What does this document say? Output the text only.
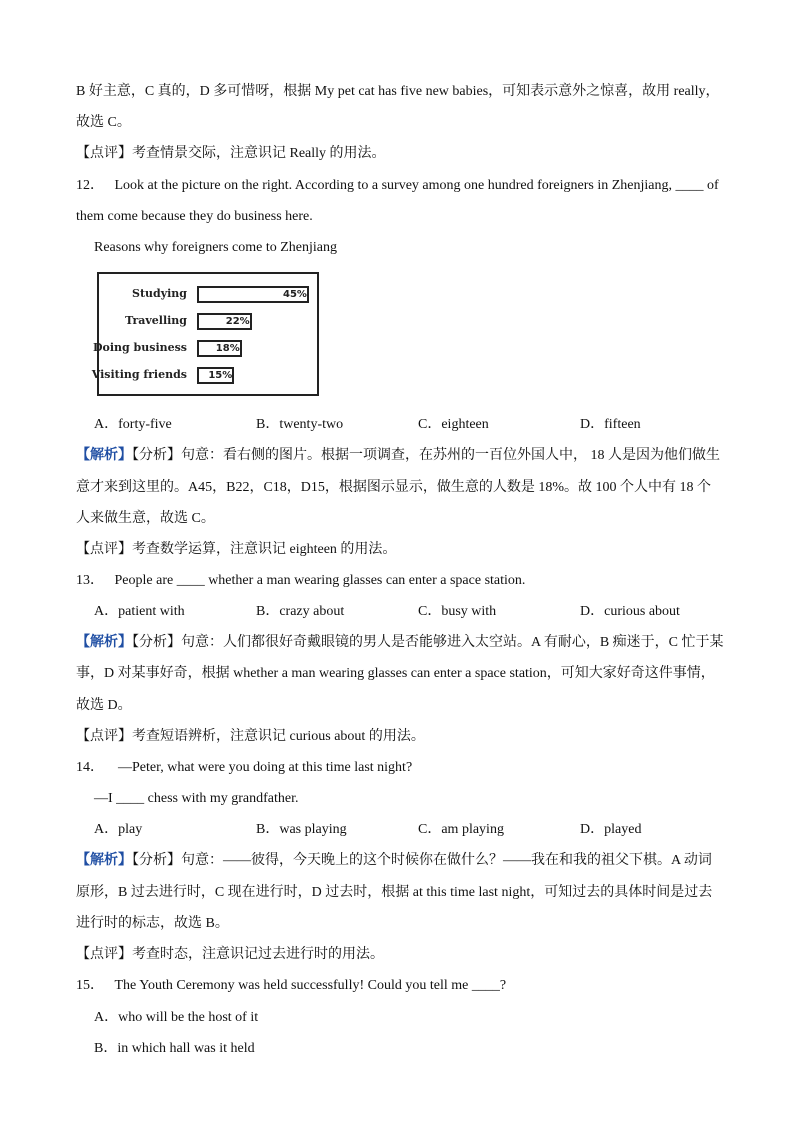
B 好主意，C 真的，D 多可惜呀，根据 My pet cat has five new babies，可知表示意外之惊喜，故用 really，
故选 C。
【点评】考查情景交际，注意识记 Really 的用法。
12． Look at the picture on the right. According to a survey among one hundred foreigners in Zhenjiang, ____ of
them come because they do business here.
Reasons why foreigners come to Zhenjiang
Studying	45%
Travelling	22%
Doing business	18%
Visiting friends 15%
A．forty-five	B．twenty-two	C．eighteen	D．fifteen
【解析】【分析】句意：看右侧的图片。根据一项调查，在苏州的一百位外国人中， 18 人是因为他们做生
意才来到这里的。A45，B22，C18，D15，根据图示显示，做生意的人数是 18%。故 100 个人中有 18 个
人来做生意，故选 C。
【点评】考查数学运算，注意识记 eighteen 的用法。
13． People are ____ whether a man wearing glasses can enter a space station.
A．patient with	B．crazy about	C．busy with	D．curious about
【解析】【分析】句意：人们都很好奇戴眼镜的男人是否能够进入太空站。A 有耐心，B 痴迷于，C 忙于某
事，D 对某事好奇，根据 whether a man wearing glasses can enter a space station，可知大家好奇这件事情，
故选 D。
【点评】考查短语辨析，注意识记 curious about 的用法。
14． —Peter, what were you doing at this time last night?
—I ____ chess with my grandfather.
A．play	B．was playing	C．am playing	D．played
【解析】【分析】句意：——彼得，今天晚上的这个时候你在做什么？——我在和我的祖父下棋。A 动词
原形，B 过去进行时，C 现在进行时，D 过去时，根据 at this time last night，可知过去的具体时间是过去
进行时的标志，故选 B。
【点评】考查时态，注意识记过去进行时的用法。
15． The Youth Ceremony was held successfully! Could you tell me ____?
A．who will be the host of it
B．in which hall was it held
